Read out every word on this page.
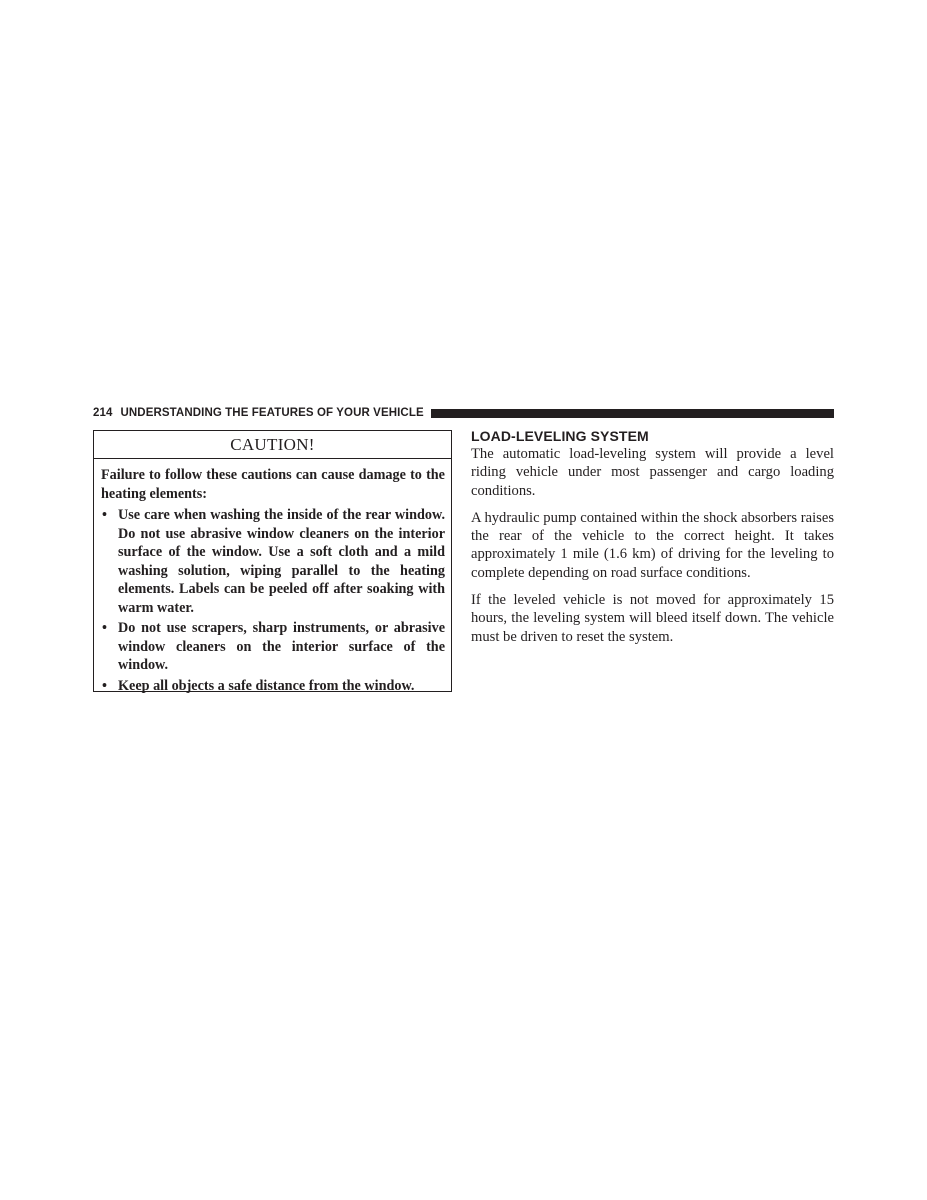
214 UNDERSTANDING THE FEATURES OF YOUR VEHICLE
CAUTION!

Failure to follow these cautions can cause damage to the heating elements:

• Use care when washing the inside of the rear window. Do not use abrasive window cleaners on the interior surface of the window. Use a soft cloth and a mild washing solution, wiping parallel to the heating elements. Labels can be peeled off after soaking with warm water.
• Do not use scrapers, sharp instruments, or abrasive window cleaners on the interior surface of the window.
• Keep all objects a safe distance from the window.
LOAD-LEVELING SYSTEM

The automatic load-leveling system will provide a level riding vehicle under most passenger and cargo loading conditions.

A hydraulic pump contained within the shock absorbers raises the rear of the vehicle to the correct height. It takes approximately 1 mile (1.6 km) of driving for the leveling to complete depending on road surface conditions.

If the leveled vehicle is not moved for approximately 15 hours, the leveling system will bleed itself down. The vehicle must be driven to reset the system.
